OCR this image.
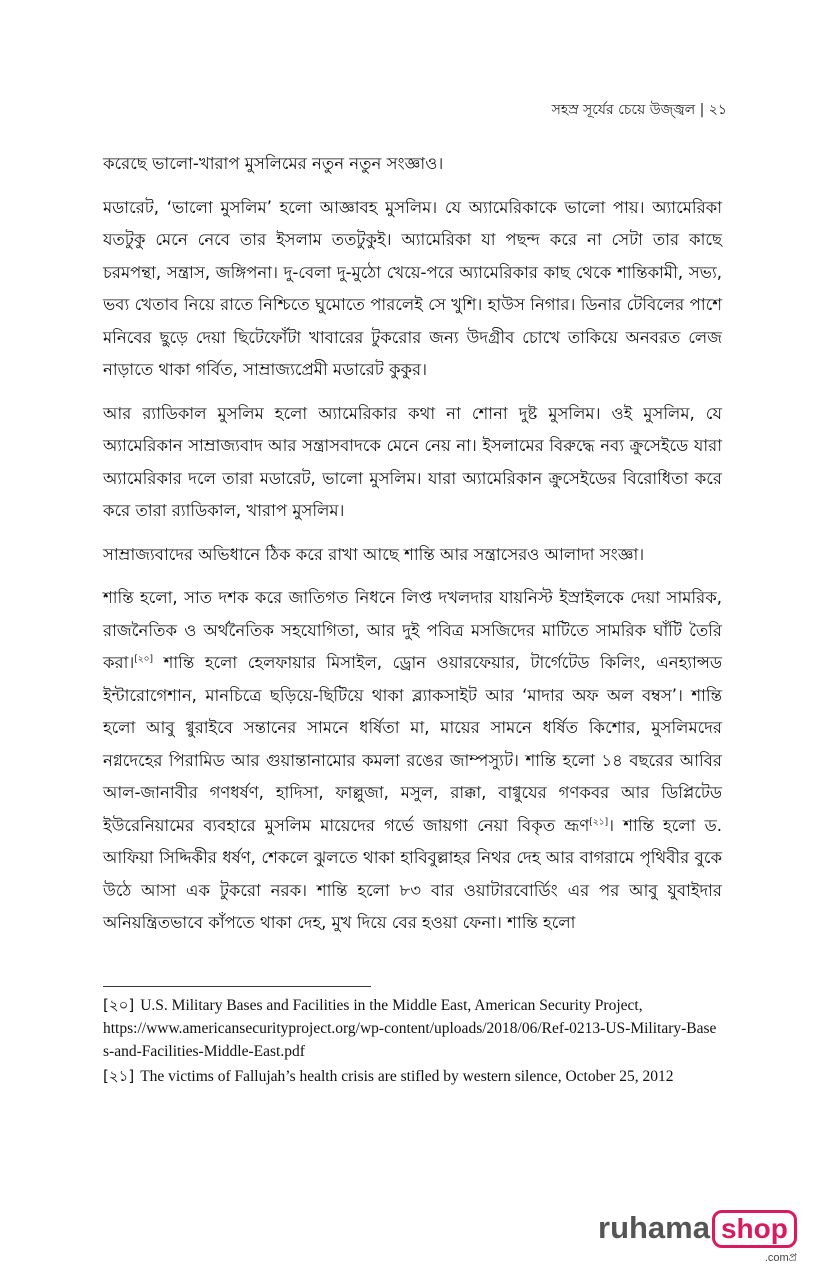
সহস্র সূর্যের চেয়ে উজ্জ্বল | ২১

করেছে ভালো-খারাপ মুসলিমের নতুন নতুন সংজ্ঞাও।

মডারেট, ‘ভালো মুসলিম’ হলো আজ্ঞাবহ মুসলিম। যে অ্যামেরিকাকে ভালো পায়। অ্যামেরিকা যতটুকু মেনে নেবে তার ইসলাম ততটুকুই। অ্যামেরিকা যা পছন্দ করে না সেটা তার কাছে চরমপন্থা, সন্ত্রাস, জঙ্গিপনা। দু-বেলা দু-মুঠো খেয়ে-পরে অ্যামেরিকার কাছ থেকে শান্তিকামী, সভ্য, ভব্য খেতাব নিয়ে রাতে নিশ্চিতে ঘুমোতে পারলেই সে খুশি। হাউস নিগার। ডিনার টেবিলের পাশে মনিবের ছুড়ে দেয়া ছিটেফোঁটা খাবারের টুকরোর জন্য উদগ্রীব চোখে তাকিয়ে অনবরত লেজ নাড়াতে থাকা গর্বিত, সাম্রাজ্যপ্রেমী মডারেট কুকুর।

আর র‍্যাডিকাল মুসলিম হলো অ্যামেরিকার কথা না শোনা দুষ্ট মুসলিম। ওই মুসলিম, যে অ্যামেরিকান সাম্রাজ্যবাদ আর সন্ত্রাসবাদকে মেনে নেয় না। ইসলামের বিরুদ্ধে নব্য ক্রুসেইডে যারা অ্যামেরিকার দলে তারা মডারেট, ভালো মুসলিম। যারা অ্যামেরিকান ক্রুসেইডের বিরোধিতা করে করে তারা র‍্যাডিকাল, খারাপ মুসলিম।

সাম্রাজ্যবাদের অভিধানে ঠিক করে রাখা আছে শান্তি আর সন্ত্রাসেরও আলাদা সংজ্ঞা।

শান্তি হলো, সাত দশক করে জাতিগত নিধনে লিপ্ত দখলদার যায়নিস্ট ইস্রাইলকে দেয়া সামরিক, রাজনৈতিক ও অর্থনৈতিক সহযোগিতা, আর দুই পবিত্র মসজিদের মাটিতে সামরিক ঘাঁটি তৈরি করা।[২০] শান্তি হলো হেলফায়ার মিসাইল, ড্রোন ওয়ারফেয়ার, টার্গেটেড কিলিং, এনহ্যান্সড ইন্টারোগেশান, মানচিত্রে ছড়িয়ে-ছিটিয়ে থাকা ব্ল্যাকসাইট আর ‘মাদার অফ অল বম্বস’। শান্তি হলো আবু গ্বুরাইবে সন্তানের সামনে ধর্ষিতা মা, মায়ের সামনে ধর্ষিত কিশোর, মুসলিমদের নগ্নদেহের পিরামিড আর গুয়ান্তানামোর কমলা রঙের জাম্পস্যুট। শান্তি হলো ১৪ বছরের আবির আল-জানাবীর গণধর্ষণ, হাদিসা, ফাল্লুজা, মসুল, রাক্কা, বাগ্বুযের গণকবর আর ডিপ্লিটেড ইউরেনিয়ামের ব্যবহারে মুসলিম মায়েদের গর্ভে জায়গা নেয়া বিকৃত ভ্রূণ[২১]। শান্তি হলো ড. আফিয়া সিদ্দিকীর ধর্ষণ, শেকলে ঝুলতে থাকা হাবিবুল্লাহর নিথর দেহ আর বাগরামে পৃথিবীর বুকে উঠে আসা এক টুকরো নরক। শান্তি হলো ৮৩ বার ওয়াটারবোর্ডিং এর পর আবু যুবাইদার অনিয়ন্ত্রিতভাবে কাঁপতে থাকা দেহ, মুখ দিয়ে বের হওয়া ফেনা। শান্তি হলো

[২০] U.S. Military Bases and Facilities in the Middle East, American Security Project,
https://www.americansecurityproject.org/wp-content/uploads/2018/06/Ref-0213-US-Military-Bases-and-Facilities-Middle-East.pdf

[২১] The victims of Fallujah’s health crisis are stifled by western silence, October 25, 2012

ruhama shop
.comপ্ৰ
